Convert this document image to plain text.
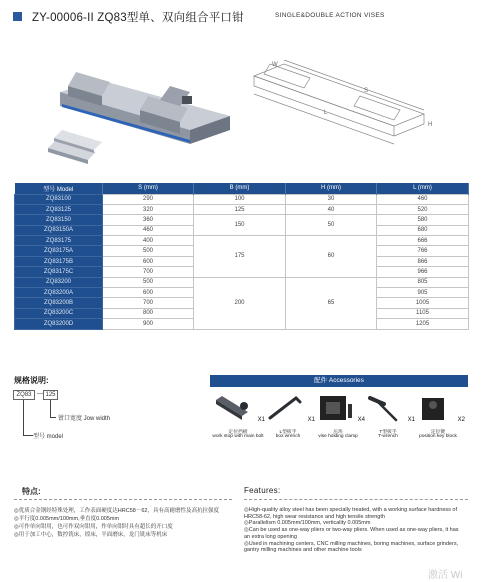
ZY-00006-II ZQ83型单、双向组合平口钳	SINGLE&DOUBLE ACTION VISES
W
L
H
S
型号 Model	S (mm)	B (mm)	H (mm)	L (mm)
ZQ83100	290	100	30	460
ZQ83125	320	125	40	520
ZQ83150	360	150	50	580
ZQ83150A	460			680
ZQ83175	400	175	60	666
ZQ83175A	500			766
ZQ83175B	600			866
ZQ83175C	700			966
ZQ83200	500	200	65	805
ZQ83200A	600			905
ZQ83200B	700			1005
ZQ83200C	800			1105
ZQ83200D	900			1205
规格说明:
ZQ83 — 125
钳口宽度 Jow width
型号 model
配件 Accessories
X1
定位挡板
work stop with main bolt
X1
L型扳手
box wrench
X4
压块
vise holding clamp
X1
T型扳手
T-wrench
X2
定位键
position key block
特点:	Features:
◎优质合金钢经特殊处理，工作表面硬度达HRC58－62，具有高耐磨性及高抗拉强度
◎平行度0.005mm/100mm,垂直度0.005mm
◎可作单向钳用，也可作双向钳用，作单向钳时具有超长的开口度
◎用于加工中心，数控铣床，镗床，平面磨床，龙门铣床等机床
◎High-quality alloy steel has been specially treated, with a working surface hardness of HRC58-62, high wear resistance and high tensile strength
◎Parallelism 0.005mm/100mm, verticality 0.005mm
◎Can be used as one-way pliers or two-way pliers. When used as one-way pliers, it has an extra long opening
◎Used in machining centers, CNC milling machines, boring machines, surface grinders, gantry milling machines and other machine tools
激活 Wi
